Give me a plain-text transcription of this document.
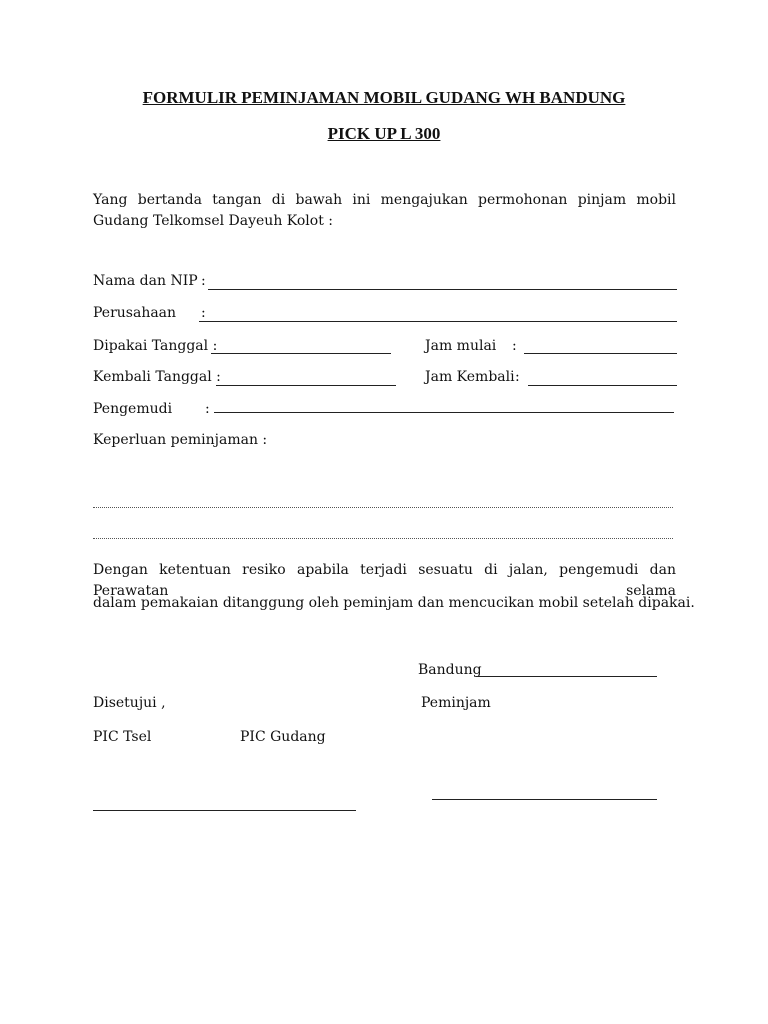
FORMULIR PEMINJAMAN MOBIL GUDANG WH BANDUNG
PICK UP L 300
Yang bertanda tangan di bawah ini mengajukan permohonan pinjam mobil Gudang Telkomsel Dayeuh Kolot :
Nama dan NIP :
Perusahaan :
Dipakai Tanggal :	Jam mulai :
Kembali Tanggal :	Jam Kembali :
Pengemudi :
Keperluan peminjaman :
Dengan ketentuan resiko apabila terjadi sesuatu di jalan, pengemudi dan Perawatan selama
dalam pemakaian ditanggung oleh peminjam dan mencucikan mobil setelah dipakai.
Bandung
Disetujui ,	Peminjam
PIC Tsel	PIC Gudang
